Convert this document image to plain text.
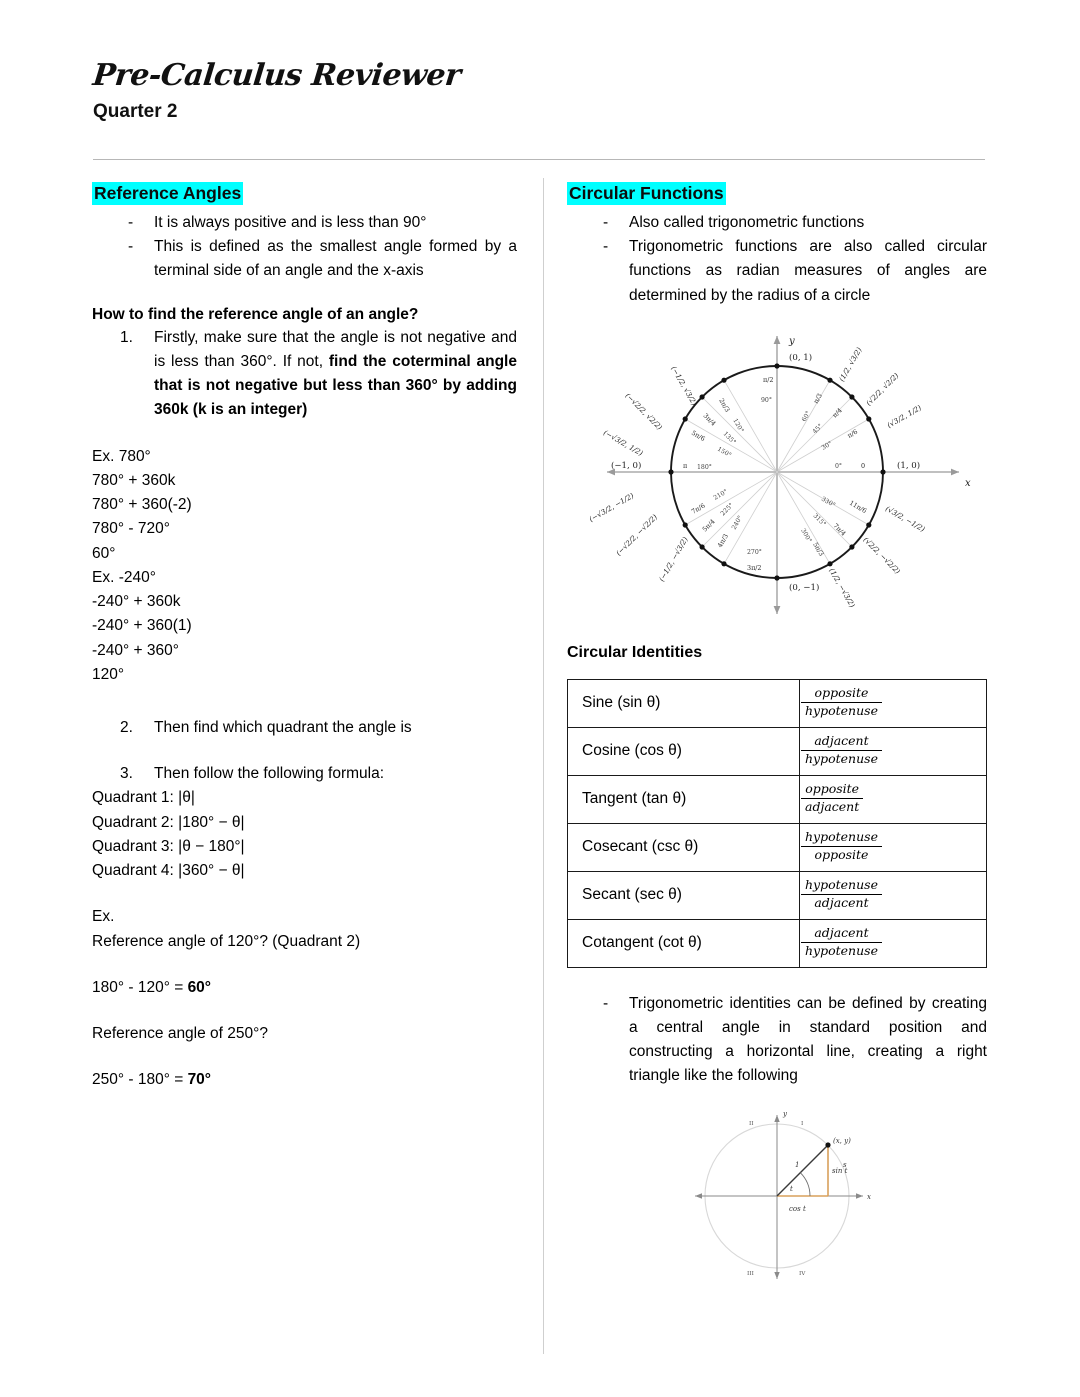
Pre-Calculus Reviewer
Quarter 2
Reference Angles
- It is always positive and is less than 90°
- This is defined as the smallest angle formed by a terminal side of an angle and the x-axis
How to find the reference angle of an angle?
1. Firstly, make sure that the angle is not negative and is less than 360°. If not, find the coterminal angle that is not negative but less than 360° by adding 360k (k is an integer)
Ex. 780°
780° + 360k
780° + 360(-2)
780° - 720°
60°
Ex. -240°
-240° + 360k
-240° + 360(1)
-240° + 360°
120°
2. Then find which quadrant the angle is
3. Then follow the following formula:
Quadrant 1: |θ|
Quadrant 2: |180° − θ|
Quadrant 3: |θ − 180°|
Quadrant 4: |360° − θ|
Ex.
Reference angle of 120°? (Quadrant 2)
180° - 120° = 60°
Reference angle of 250°?
250° - 180° = 70°
Circular Functions
- Also called trigonometric functions
- Trigonometric functions are also called circular functions as radian measures of angles are determined by the radius of a circle
x
y
(1, 0)
(0, 1)
(−1, 0)
(0, −1)
0
0°
π/2
90°
π 180°
270°
3π/2
30°
45°
60°
π/6
π/4
π/3
(√3/2, 1/2)
(√2/2, √2/2)
(1/2, √3/2)
150°
135°
120°
5π/6
3π/4
2π/3
(−√3/2, 1/2)
(−√2/2, √2/2)
(−1/2, √3/2)
210°
225°
240°
7π/6
5π/4
4π/3
(−√3/2, −1/2)
(−√2/2, −√2/2)
(−1/2, −√3/2)
330°
315°
300°
11π/6
7π/4
5π/3
(√3/2, −1/2)
(√2/2, −√2/2)
(1/2, −√3/2)
Circular Identities
Sine (sin θ)	$\frac{\text{opposite}}{\text{hypotenuse}}$

Cosine (cos θ)	$\frac{\text{adjacent}}{\text{hypotenuse}}$

Tangent (tan θ)	$\frac{\text{opposite}}{\text{adjacent}}$

Cosecant (csc θ)	$\frac{\text{hypotenuse}}{\text{opposite}}$

Secant (sec θ)	$\frac{\text{hypotenuse}}{\text{adjacent}}$

Cotangent (cot θ)	$\frac{\text{adjacent}}{\text{hypotenuse}}$
- Trigonometric identities can be defined by creating a central angle in standard position and constructing a horizontal line, creating a right triangle like the following
x
y
(x, y)
1
t
s
sin t
cos t
I
II
III	IV
